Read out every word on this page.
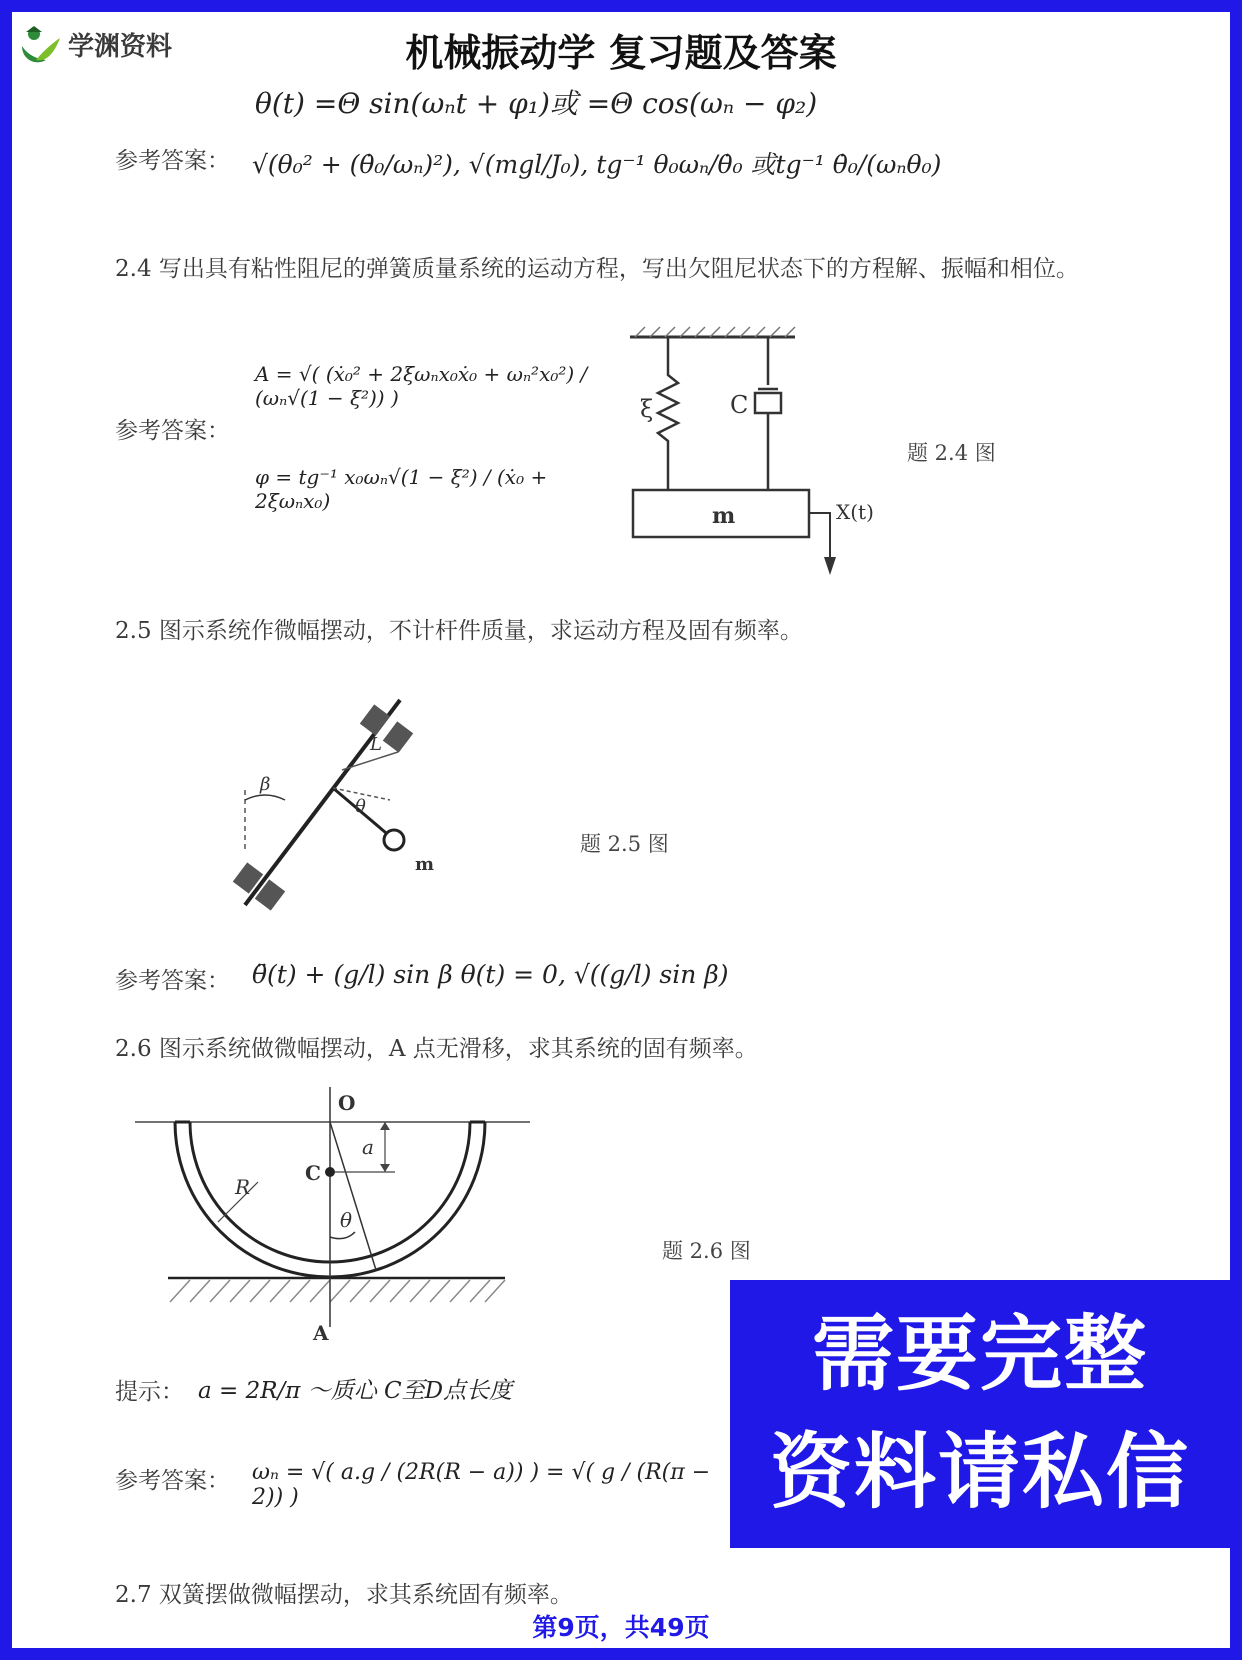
学渊资料	机械振动学 复习题及答案
θ(t) =Θ sin(ωₙt + φ₁)或 =Θ cos(ωₙ − φ₂)
参考答案： √(θ₀² + (θ̇₀/ωₙ)²), √(mgl/J₀), tg⁻¹ θ₀ωₙ/θ̇₀ 或tg⁻¹ θ̇₀/(ωₙθ₀)
2.4 写出具有粘性阻尼的弹簧质量系统的运动方程，写出欠阻尼状态下的方程解、振幅和相位。
参考答案：
A = √( (ẋ₀² + 2ξωₙx₀ẋ₀ + ωₙ²x₀²) / (ωₙ√(1 − ξ²)) )
φ = tg⁻¹ x₀ωₙ√(1 − ξ²) / (ẋ₀ + 2ξωₙx₀)
ξ	C
m	X(t)
题 2.4 图
2.5 图示系统作微幅摆动，不计杆件质量，求运动方程及固有频率。
L
θ
m
β
题 2.5 图
参考答案： θ̈(t) + (g/l) sin β θ(t) = 0, √((g/l) sin β)
2.6 图示系统做微幅摆动，A 点无滑移，求其系统的固有频率。
O
C
R
a
θ
A
题 2.6 图
提示： a = 2R/π ～质心 C至D点长度
参考答案： ωₙ = √( a.g / (2R(R − a)) ) = √( g / (R(π − 2)) )
2.7 双簧摆做微幅摆动，求其系统固有频率。
需要完整
资料请私信
第9页，共49页
